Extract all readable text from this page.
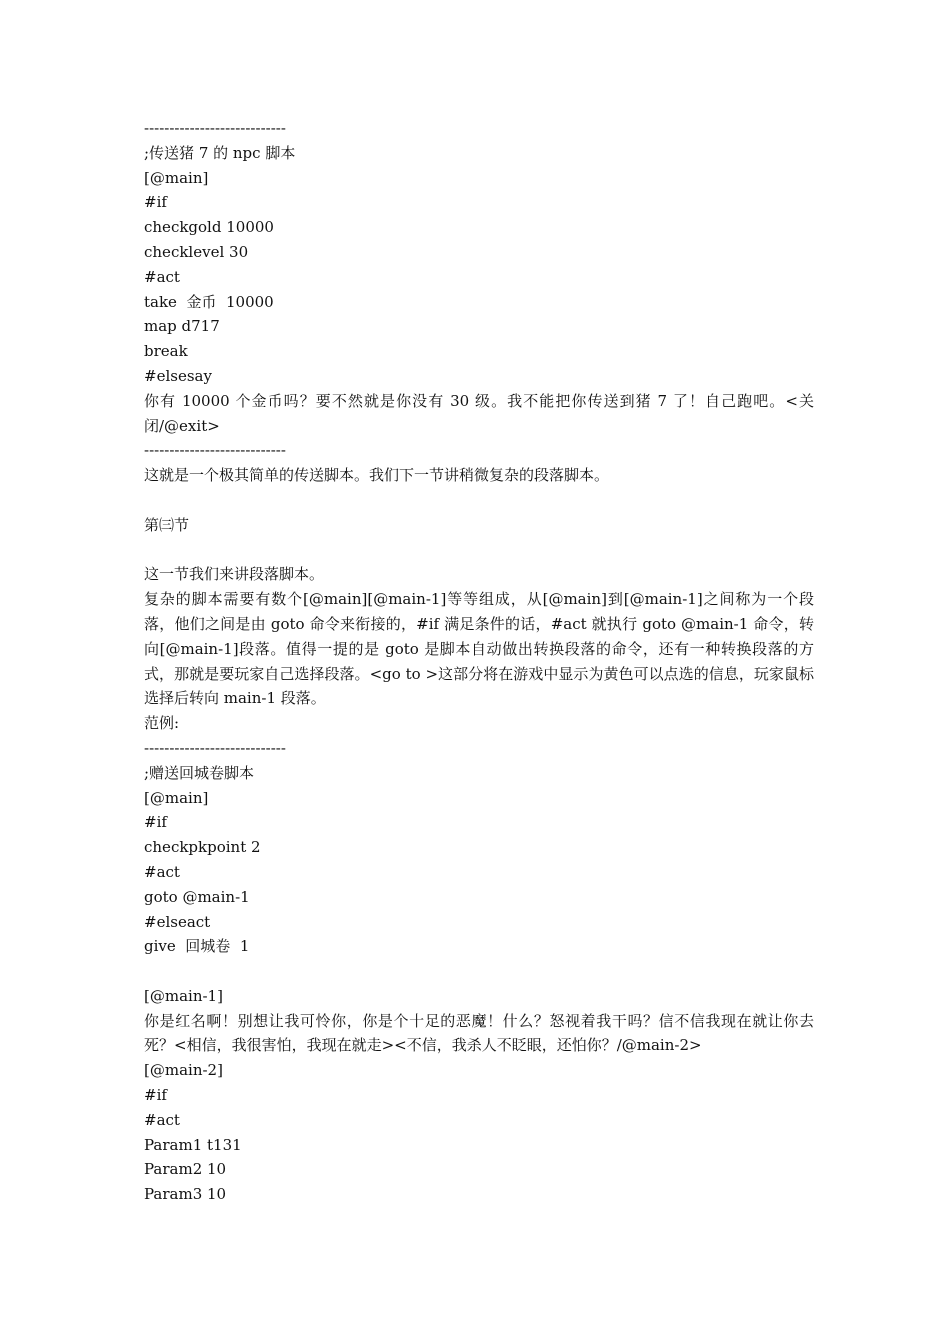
----------------------------
;传送猪 7 的 npc 脚本
[@main]
#if
checkgold 10000
checklevel 30
#act
take  金币  10000
map d717
break
#elsesay
你有 10000 个金币吗？要不然就是你没有 30 级。我不能把你传送到猪 7 了！自己跑吧。<关 闭/@exit>
----------------------------
这就是一个极其简单的传送脚本。我们下一节讲稍微复杂的段落脚本。
第㈢节
这一节我们来讲段落脚本。
复杂的脚本需要有数个[@main][@main-1]等等组成，从[@main]到[@main-1]之间称为一个段落，他们之间是由 goto 命令来衔接的，#if 满足条件的话，#act 就执行 goto @main-1 命令，转向[@main-1]段落。值得一提的是 goto 是脚本自动做出转换段落的命令，还有一种转换段落的方式，那就是要玩家自己选择段落。<go to >这部分将在游戏中显示为黄色可以点选的信息，玩家鼠标选择后转向 main-1 段落。
范例:
----------------------------
;赠送回城卷脚本
[@main]
#if
checkpkpoint 2
#act
goto @main-1
#elseact
give  回城卷  1
[@main-1]
你是红名啊！别想让我可怜你，你是个十足的恶魔！什么？怒视着我干吗？信不信我现在就让你去死？<相信，我很害怕，我现在就走><不信，我杀人不眨眼，还怕你？/@main-2>
[@main-2]
#if
#act
Param1 t131
Param2 10
Param3 10
